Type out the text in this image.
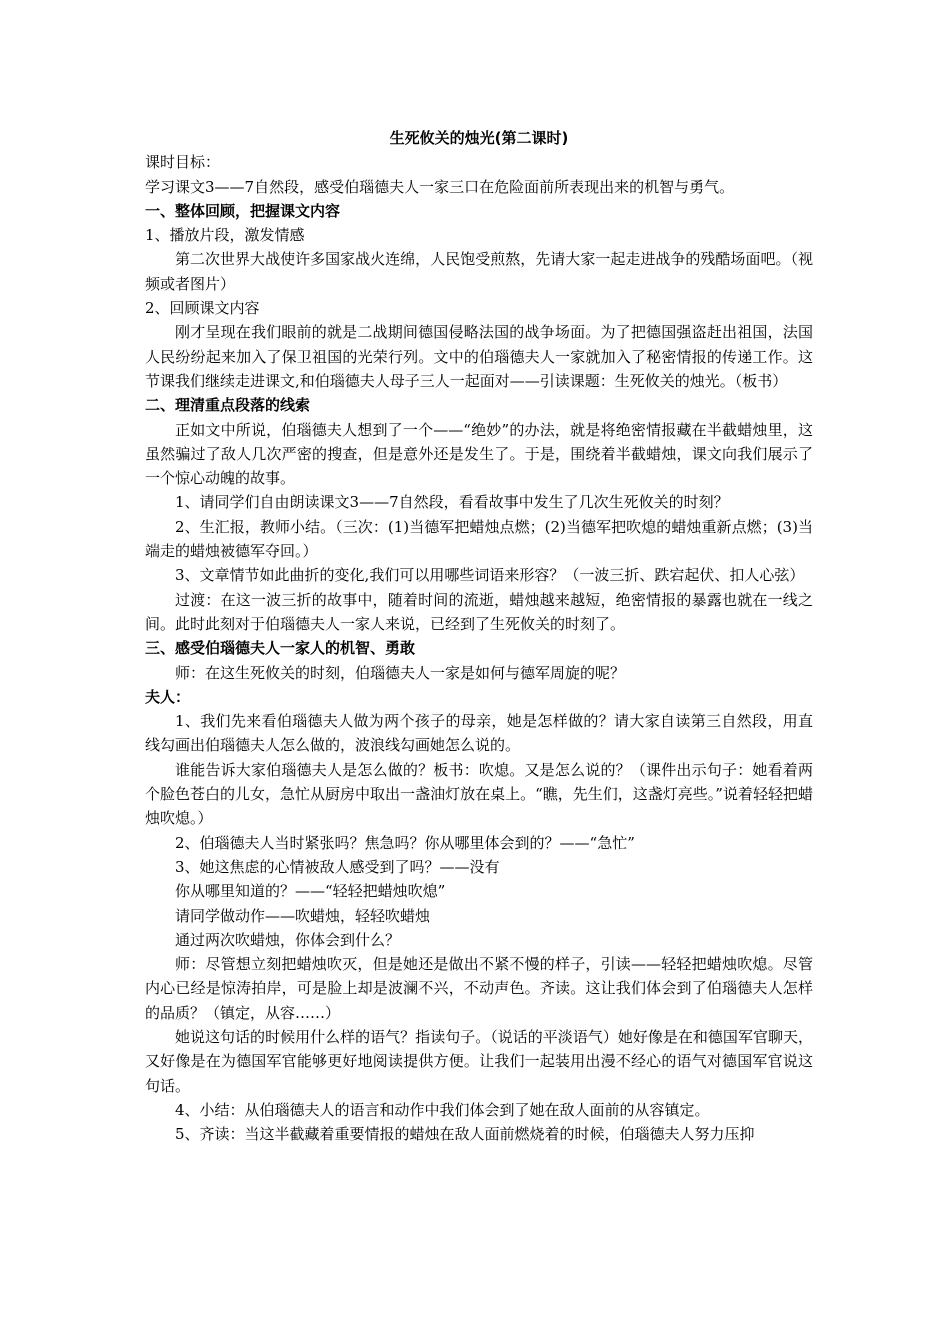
生死攸关的烛光(第二课时)

课时目标：

学习课文3——7自然段，感受伯瑙德夫人一家三口在危险面前所表现出来的机智与勇气。

一、整体回顾，把握课文内容

1、播放片段，激发情感

第二次世界大战使许多国家战火连绵，人民饱受煎熬，先请大家一起走进战争的残酷场面吧。（视频或者图片）

2、回顾课文内容

刚才呈现在我们眼前的就是二战期间德国侵略法国的战争场面。为了把德国强盗赶出祖国，法国人民纷纷起来加入了保卫祖国的光荣行列。文中的伯瑙德夫人一家就加入了秘密情报的传递工作。这节课我们继续走进课文,和伯瑙德夫人母子三人一起面对——引读课题：生死攸关的烛光。（板书）

二、理清重点段落的线索

正如文中所说，伯瑙德夫人想到了一个——“绝妙”的办法，就是将绝密情报藏在半截蜡烛里，这虽然骗过了敌人几次严密的搜查，但是意外还是发生了。于是，围绕着半截蜡烛，课文向我们展示了一个惊心动魄的故事。

1、请同学们自由朗读课文3——7自然段，看看故事中发生了几次生死攸关的时刻？

2、生汇报，教师小结。（三次：(1)当德军把蜡烛点燃；(2)当德军把吹熄的蜡烛重新点燃；(3)当端走的蜡烛被德军夺回。）

3、文章情节如此曲折的变化,我们可以用哪些词语来形容？（一波三折、跌宕起伏、扣人心弦）

过渡：在这一波三折的故事中，随着时间的流逝，蜡烛越来越短，绝密情报的暴露也就在一线之间。此时此刻对于伯瑙德夫人一家人来说，已经到了生死攸关的时刻了。

三、感受伯瑙德夫人一家人的机智、勇敢

师：在这生死攸关的时刻，伯瑙德夫人一家是如何与德军周旋的呢？

夫人：

1、我们先来看伯瑙德夫人做为两个孩子的母亲，她是怎样做的？请大家自读第三自然段，用直线勾画出伯瑙德夫人怎么做的，波浪线勾画她怎么说的。

谁能告诉大家伯瑙德夫人是怎么做的？板书：吹熄。又是怎么说的？（课件出示句子：她看着两个脸色苍白的儿女，急忙从厨房中取出一盏油灯放在桌上。“瞧，先生们，这盏灯亮些。”说着轻轻把蜡烛吹熄。）

2、伯瑙德夫人当时紧张吗？焦急吗？你从哪里体会到的？——“急忙”

3、她这焦虑的心情被敌人感受到了吗？——没有

你从哪里知道的？——“轻轻把蜡烛吹熄”

请同学做动作——吹蜡烛，轻轻吹蜡烛

通过两次吹蜡烛，你体会到什么？

师：尽管想立刻把蜡烛吹灭，但是她还是做出不紧不慢的样子，引读——轻轻把蜡烛吹熄。尽管内心已经是惊涛拍岸，可是脸上却是波澜不兴，不动声色。齐读。这让我们体会到了伯瑙德夫人怎样的品质？（镇定，从容……）

她说这句话的时候用什么样的语气？指读句子。（说话的平淡语气）她好像是在和德国军官聊天，又好像是在为德国军官能够更好地阅读提供方便。让我们一起装用出漫不经心的语气对德国军官说这句话。

4、小结：从伯瑙德夫人的语言和动作中我们体会到了她在敌人面前的从容镇定。

5、齐读：当这半截藏着重要情报的蜡烛在敌人面前燃烧着的时候，伯瑙德夫人努力压抑
